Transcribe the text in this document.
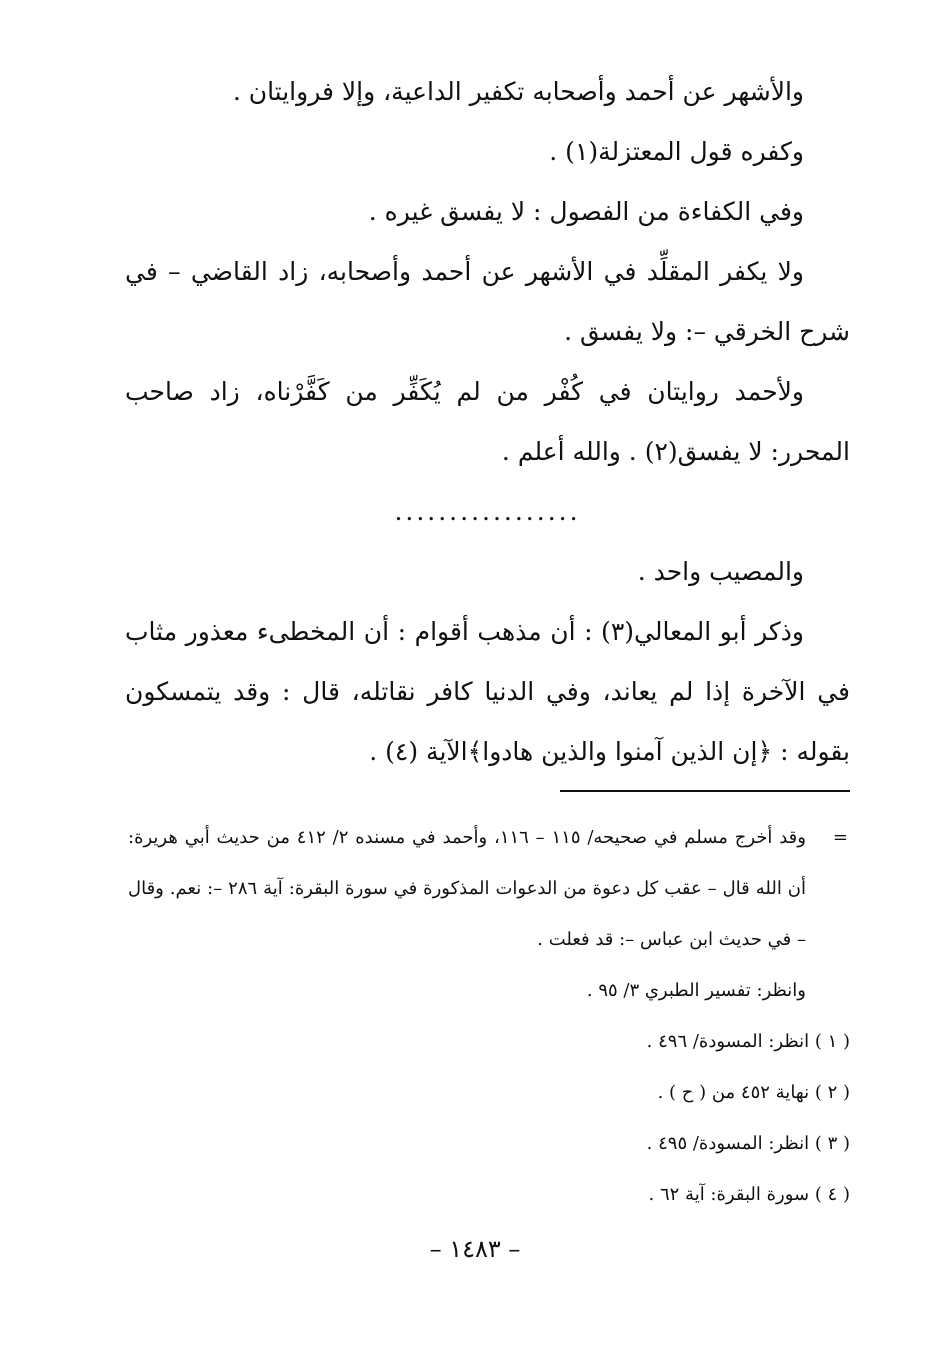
والأشهر عن أحمد وأصحابه تكفير الداعية، وإلا فروايتان .

وكفره قول المعتزلة(١) .

وفي الكفاءة من الفصول : لا يفسق غيره .

ولا يكفر المقلِّد في الأشهر عن أحمد وأصحابه، زاد القاضي – في شرح الخرقي –: ولا يفسق .

ولأحمد روايتان في كُفْر من لم يُكَفِّر من كَفَّرْناه، زاد صاحب المحرر: لا يفسق(٢) . والله أعلم .

.................

والمصيب واحد .

وذكر أبو المعالي(٣) : أن مذهب أقوام : أن المخطىء معذور مثاب في الآخرة إذا لم يعاند، وفي الدنيا كافر نقاتله، قال : وقد يتمسكون بقوله : ﴿إن الذين آمنوا والذين هادوا﴾الآية (٤) .

=
وقد أخرج مسلم في صحيحه/ ١١٥ – ١١٦، وأحمد في مسنده ٢/ ٤١٢ من حديث أبي هريرة: أن الله قال – عقب كل دعوة من الدعوات المذكورة في سورة البقرة: آية ٢٨٦ –: نعم. وقال – في حديث ابن عباس –: قد فعلت .

وانظر: تفسير الطبري ٣/ ٩٥ .

( ١ ) انظر: المسودة/ ٤٩٦ .

( ٢ ) نهاية ٤٥٢ من ( ح ) .

( ٣ ) انظر: المسودة/ ٤٩٥ .

( ٤ ) سورة البقرة: آية ٦٢ .

– ١٤٨٣ –
